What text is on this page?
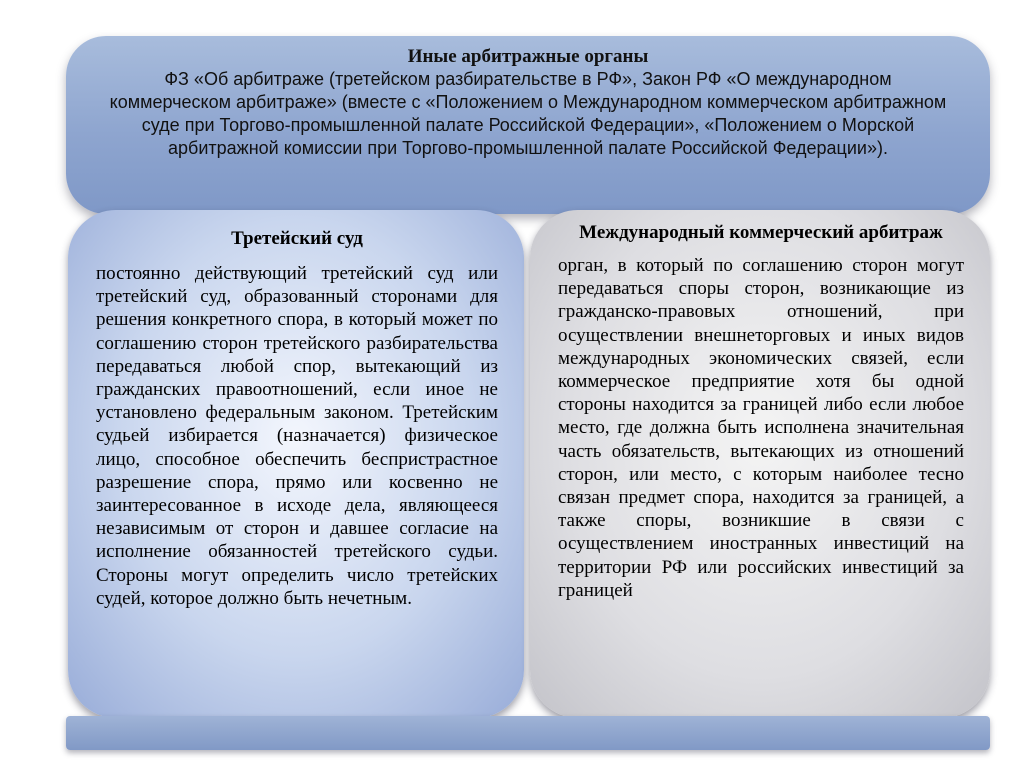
Иные арбитражные органы
ФЗ «Об арбитраже (третейском разбирательстве в РФ», Закон РФ «О международном коммерческом арбитраже» (вместе с «Положением о Международном коммерческом арбитражном суде при Торгово-промышленной палате Российской Федерации», «Положением о Морской арбитражной комиссии при Торгово-промышленной палате Российской Федерации»).
Третейский суд
постоянно действующий третейский суд или третейский суд, образованный сторонами для решения конкретного спора, в который может по соглашению сторон третейского разбирательства передаваться любой спор, вытекающий из гражданских правоотношений, если иное не установлено федеральным законом. Третейским судьей избирается (назначается) физическое лицо, способное обеспечить беспристрастное разрешение спора, прямо или косвенно не заинтересованное в исходе дела, являющееся независимым от сторон и давшее согласие на исполнение обязанностей третейского судьи. Стороны могут определить число третейских судей, которое должно быть нечетным.
Международный коммерческий арбитраж
орган, в который по соглашению сторон могут передаваться споры сторон, возникающие из гражданско-правовых отношений, при осуществлении внешнеторговых и иных видов международных экономических связей, если коммерческое предприятие хотя бы одной стороны находится за границей либо если любое место, где должна быть исполнена значительная часть обязательств, вытекающих из отношений сторон, или место, с которым наиболее тесно связан предмет спора, находится за границей, а также споры, возникшие в связи с осуществлением иностранных инвестиций на территории РФ или российских инвестиций за границей
